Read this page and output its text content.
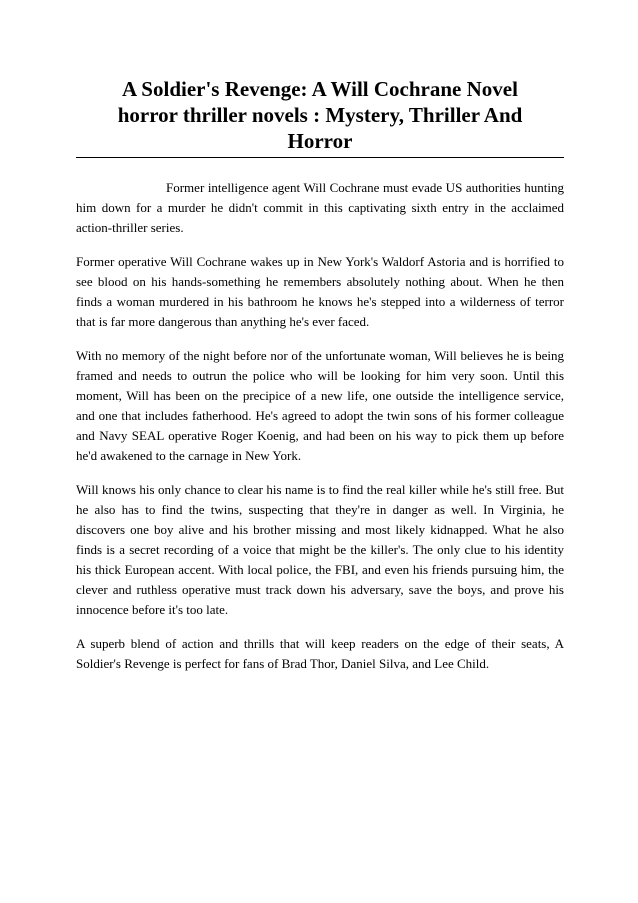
A Soldier's Revenge: A Will Cochrane Novel
horror thriller novels : Mystery, Thriller And
Horror

Former intelligence agent Will Cochrane must evade US authorities hunting him down for a murder he didn't commit in this captivating sixth entry in the acclaimed action-thriller series.

Former operative Will Cochrane wakes up in New York's Waldorf Astoria and is horrified to see blood on his hands-something he remembers absolutely nothing about. When he then finds a woman murdered in his bathroom he knows he's stepped into a wilderness of terror that is far more dangerous than anything he's ever faced.

With no memory of the night before nor of the unfortunate woman, Will believes he is being framed and needs to outrun the police who will be looking for him very soon. Until this moment, Will has been on the precipice of a new life, one outside the intelligence service, and one that includes fatherhood. He's agreed to adopt the twin sons of his former colleague and Navy SEAL operative Roger Koenig, and had been on his way to pick them up before he'd awakened to the carnage in New York.

Will knows his only chance to clear his name is to find the real killer while he's still free. But he also has to find the twins, suspecting that they're in danger as well. In Virginia, he discovers one boy alive and his brother missing and most likely kidnapped. What he also finds is a secret recording of a voice that might be the killer's. The only clue to his identity his thick European accent. With local police, the FBI, and even his friends pursuing him, the clever and ruthless operative must track down his adversary, save the boys, and prove his innocence before it's too late.

A superb blend of action and thrills that will keep readers on the edge of their seats, A Soldier's Revenge is perfect for fans of Brad Thor, Daniel Silva, and Lee Child.
